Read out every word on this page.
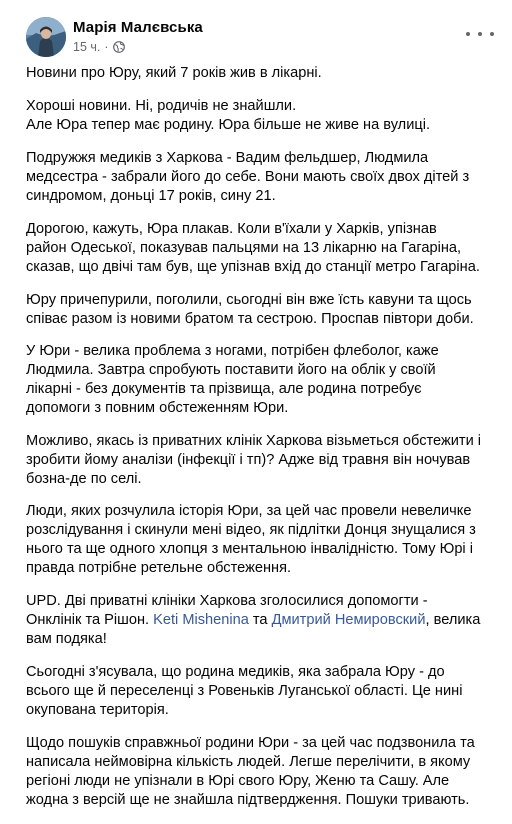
Марія Малєвська
15 ч. ·
Новини про Юру, який 7 років жив в лікарні.
Хороші новини. Ні, родичів не знайшли.
Але Юра тепер має родину. Юра більше не живе на вулиці.
Подружжя медиків з Харкова - Вадим фельдшер, Людмила
медсестра - забрали його до себе. Вони мають своїх двох дітей з
синдромом, доньці 17 років, сину 21.
Дорогою, кажуть, Юра плакав. Коли в'їхали у Харків, упізнав
район Одеської, показував пальцями на 13 лікарню на Гагаріна,
сказав, що двічі там був, ще упізнав вхід до станції метро Гагаріна.
Юру причепурили, поголили, сьогодні він вже їсть кавуни та щось
співає разом із новими братом та сестрою. Проспав півтори доби.
У Юри - велика проблема з ногами, потрібен флеболог, каже
Людмила. Завтра спробують поставити його на облік у своїй
лікарні - без документів та прізвища, але родина потребує
допомоги з повним обстеженням Юри.
Можливо, якась із приватних клінік Харкова візьметься обстежити і
зробити йому аналізи (інфекції і тп)? Адже від травня він ночував
бозна-де по селі.
Люди, яких розчулила історія Юри, за цей час провели невеличке
розслідування і скинули мені відео, як підлітки Донця знущалися з
нього та ще одного хлопця з ментальною інвалідністю. Тому Юрі і
правда потрібне ретельне обстеження.
UPD. Дві приватні клініки Харкова зголосилися допомогти -
Онклінік та Рішон. Keti Mishenina та Дмитрий Немировский, велика
вам подяка!
Сьогодні з'ясувала, що родина медиків, яка забрала Юру - до
всього ще й переселенці з Ровеньків Луганської області. Це нині
окупована територія.
Щодо пошуків справжньої родини Юри - за цей час подзвонила та
написала неймовірна кількість людей. Легше перелічити, в якому
регіоні люди не упізнали в Юрі свого Юру, Женю та Сашу. Але
жодна з версій ще не знайшла підтвердження. Пошуки тривають.
